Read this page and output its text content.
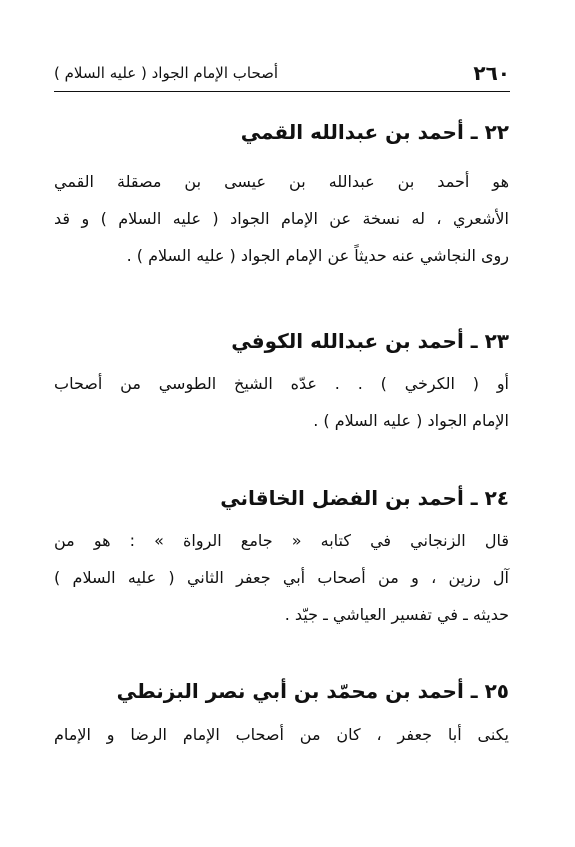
٢٦٠
أصحاب الإمام الجواد ( عليه السلام )
٢٢ ـ أحمد بن عبدالله القمي
هو أحمد بن عبدالله بن عيسى بن مصقلة القمي
الأشعري ، له نسخة عن الإمام الجواد ( عليه السلام ) و قد
روى النجاشي عنه حديثاً عن الإمام الجواد ( عليه السلام ) .
٢٣ ـ أحمد بن عبدالله الكوفي
أو ( الكرخي ) . . عدّه الشيخ الطوسي من أصحاب
الإمام الجواد ( عليه السلام ) .
٢٤ ـ أحمد بن الفضل الخاقاني
قال الزنجاني في كتابه « جامع الرواة » : هو من
آل رزين ، و من أصحاب أبي جعفر الثاني ( عليه السلام )
حديثه ـ في تفسير العياشي ـ جيّد .
٢٥ ـ أحمد بن محمّد بن أبي نصر البزنطي
يكنى أبا جعفر ، كان من أصحاب الإمام الرضا و الإمام
